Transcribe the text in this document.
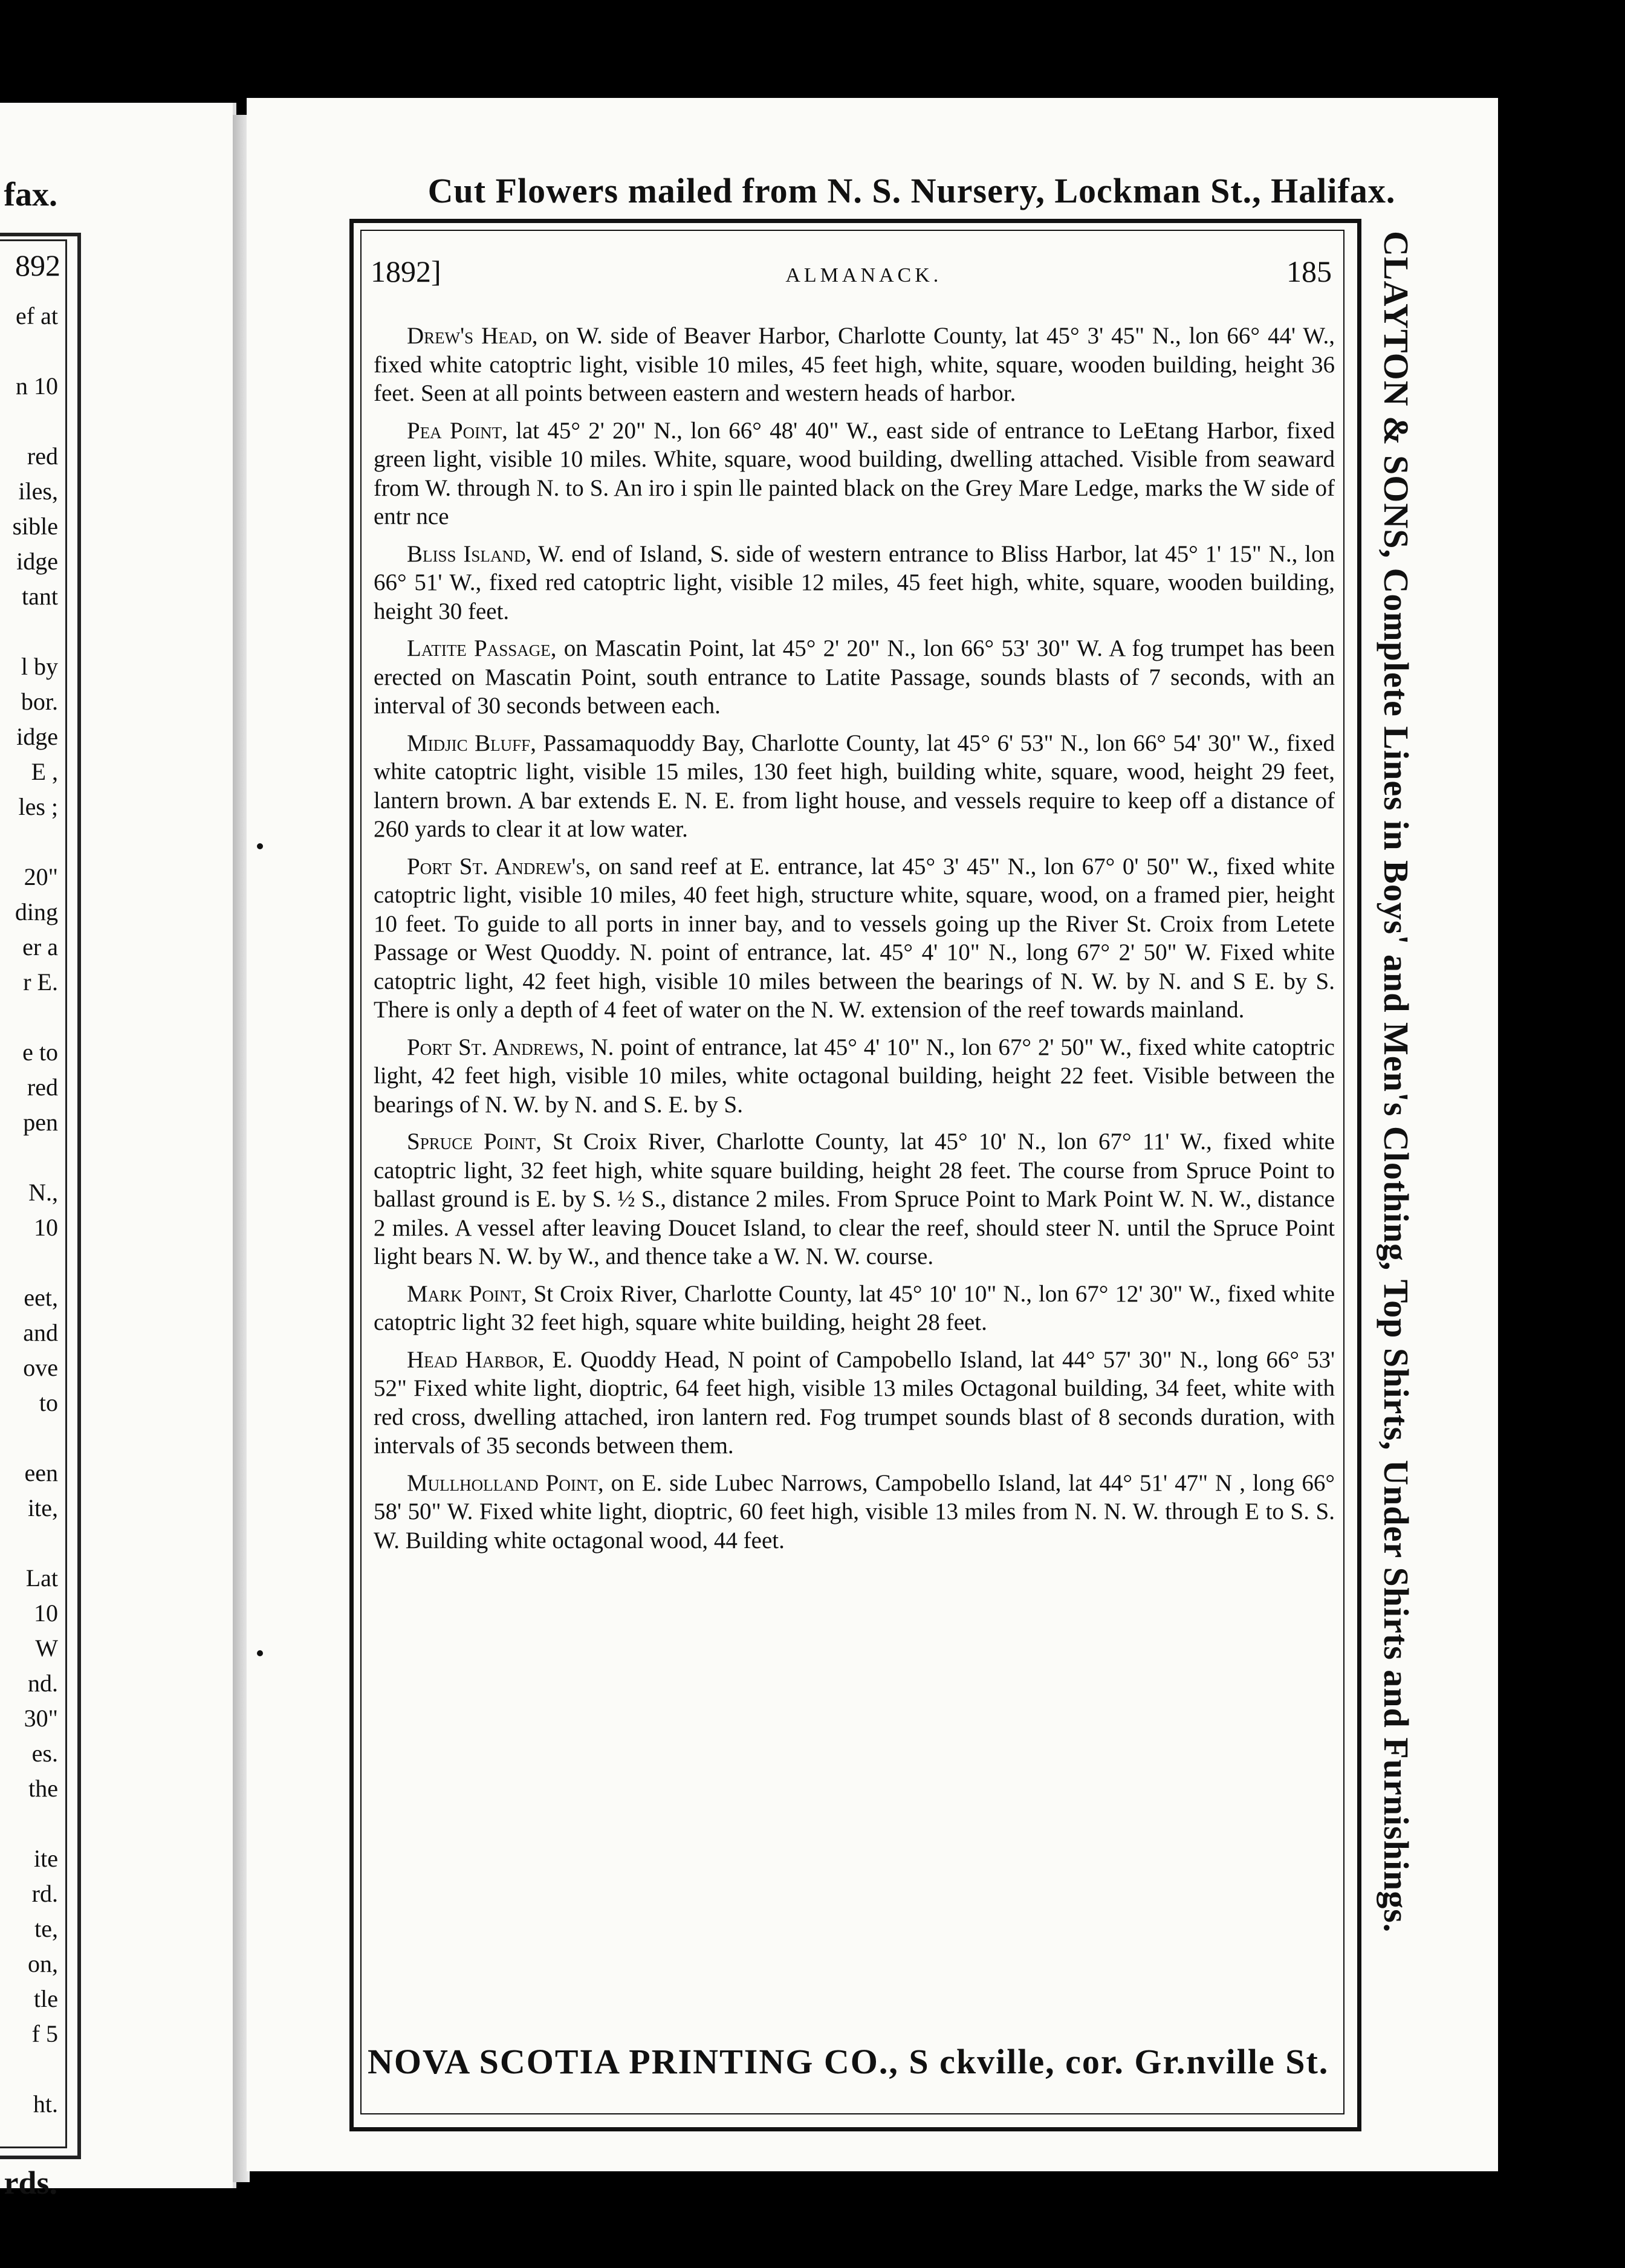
fax.
892
ef at
n 10
red
iles,
sible
idge
tant
l by
bor.
idge
E ,
les ;
20"
ding
er a
r E.
e to
red
pen
N.,
10
eet,
and
ove
to
een
ite,
Lat
10
W
nd.
30"
es.
the
ite
rd.
te,
on,
tle
f 5
ht.
rds.
Cut Flowers mailed from N. S. Nursery, Lockman St., Halifax.
1892]	ALMANACK.	185

Drew's Head, on W. side of Beaver Harbor, Charlotte County, lat 45° 3' 45" N., lon 66° 44' W., fixed white catoptric light, visible 10 miles, 45 feet high, white, square, wooden building, height 36 feet. Seen at all points between eastern and western heads of harbor.

Pea Point, lat 45° 2' 20" N., lon 66° 48' 40" W., east side of entrance to LeEtang Harbor, fixed green light, visible 10 miles. White, square, wood building, dwelling attached. Visible from seaward from W. through N. to S. An iro i spin lle painted black on the Grey Mare Ledge, marks the W side of entr nce

Bliss Island, W. end of Island, S. side of western entrance to Bliss Harbor, lat 45° 1' 15" N., lon 66° 51' W., fixed red catoptric light, visible 12 miles, 45 feet high, white, square, wooden building, height 30 feet.

Latite Passage, on Mascatin Point, lat 45° 2' 20" N., lon 66° 53' 30" W. A fog trumpet has been erected on Mascatin Point, south entrance to Latite Passage, sounds blasts of 7 seconds, with an interval of 30 seconds between each.

Midjic Bluff, Passamaquoddy Bay, Charlotte County, lat 45° 6' 53" N., lon 66° 54' 30" W., fixed white catoptric light, visible 15 miles, 130 feet high, building white, square, wood, height 29 feet, lantern brown. A bar extends E. N. E. from light house, and vessels require to keep off a distance of 260 yards to clear it at low water.

Port St. Andrew's, on sand reef at E. entrance, lat 45° 3' 45" N., lon 67° 0' 50" W., fixed white catoptric light, visible 10 miles, 40 feet high, structure white, square, wood, on a framed pier, height 10 feet. To guide to all ports in inner bay, and to vessels going up the River St. Croix from Letete Passage or West Quoddy. N. point of entrance, lat. 45° 4' 10" N., long 67° 2' 50" W. Fixed white catoptric light, 42 feet high, visible 10 miles between the bearings of N. W. by N. and S E. by S. There is only a depth of 4 feet of water on the N. W. extension of the reef towards mainland.

Port St. Andrews, N. point of entrance, lat 45° 4' 10" N., lon 67° 2' 50" W., fixed white catoptric light, 42 feet high, visible 10 miles, white octagonal building, height 22 feet. Visible between the bearings of N. W. by N. and S. E. by S.

Spruce Point, St Croix River, Charlotte County, lat 45° 10' N., lon 67° 11' W., fixed white catoptric light, 32 feet high, white square building, height 28 feet. The course from Spruce Point to ballast ground is E. by S. ½ S., distance 2 miles. From Spruce Point to Mark Point W. N. W., distance 2 miles. A vessel after leaving Doucet Island, to clear the reef, should steer N. until the Spruce Point light bears N. W. by W., and thence take a W. N. W. course.

Mark Point, St Croix River, Charlotte County, lat 45° 10' 10" N., lon 67° 12' 30" W., fixed white catoptric light 32 feet high, square white building, height 28 feet.

Head Harbor, E. Quoddy Head, N point of Campobello Island, lat 44° 57' 30" N., long 66° 53' 52" Fixed white light, dioptric, 64 feet high, visible 13 miles Octagonal building, 34 feet, white with red cross, dwelling attached, iron lantern red. Fog trumpet sounds blast of 8 seconds duration, with intervals of 35 seconds between them.

Mullholland Point, on E. side Lubec Narrows, Campobello Island, lat 44° 51' 47" N , long 66° 58' 50" W. Fixed white light, dioptric, 60 feet high, visible 13 miles from N. N. W. through E to S. S. W. Building white octagonal wood, 44 feet.	CLAYTON & SONS, Complete Lines in Boys' and Men's Clothing, Top Shirts, Under Shirts and Furnishings.
NOVA SCOTIA PRINTING CO., S ckville, cor. Gr.nville St.
